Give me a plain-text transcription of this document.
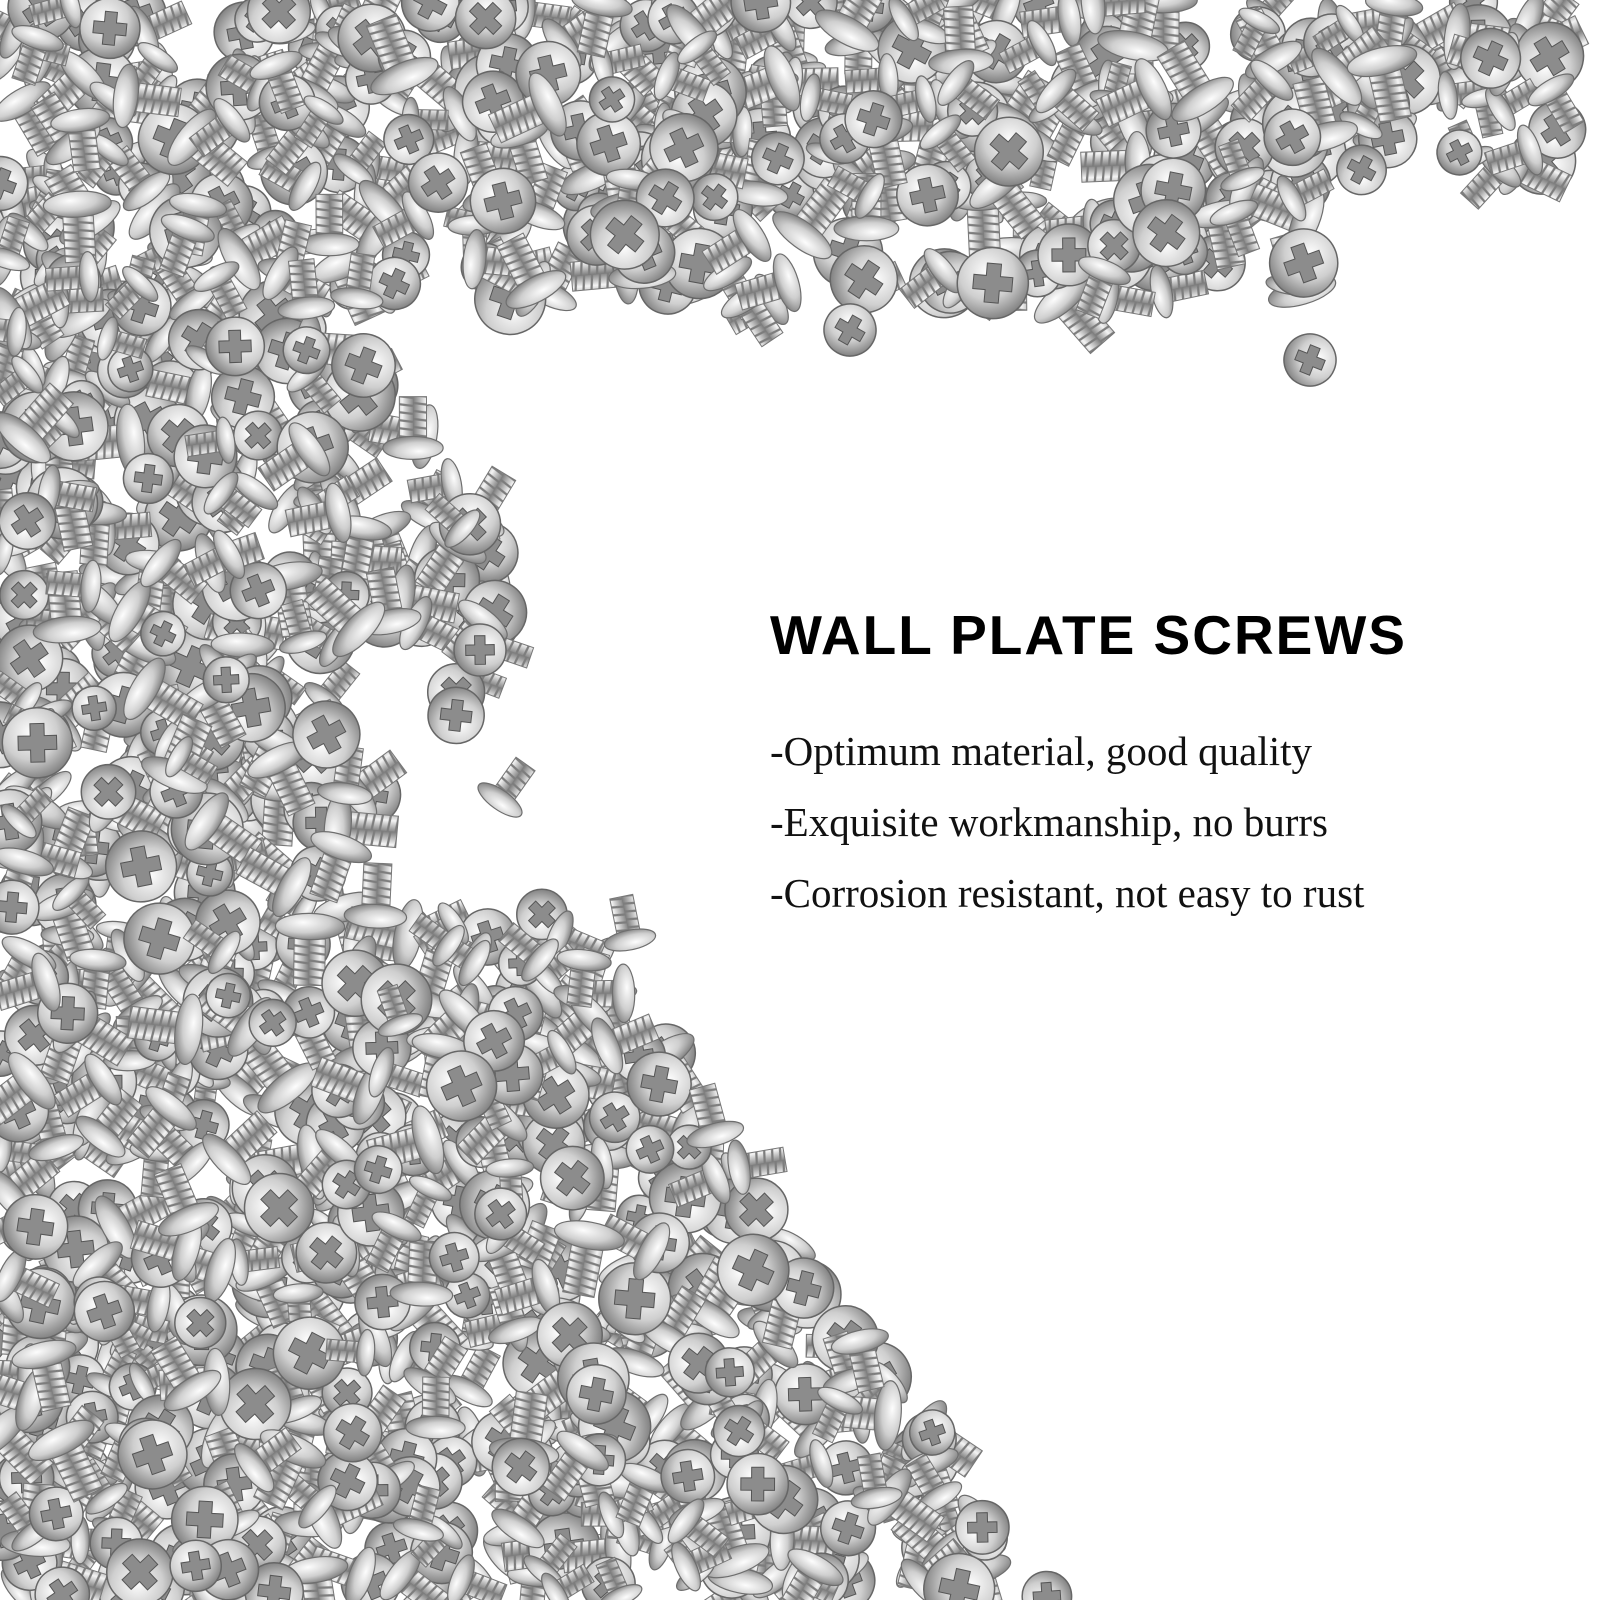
WALL PLATE SCREWS

-Optimum material, good quality

-Exquisite workmanship, no burrs

-Corrosion resistant, not easy to rust
